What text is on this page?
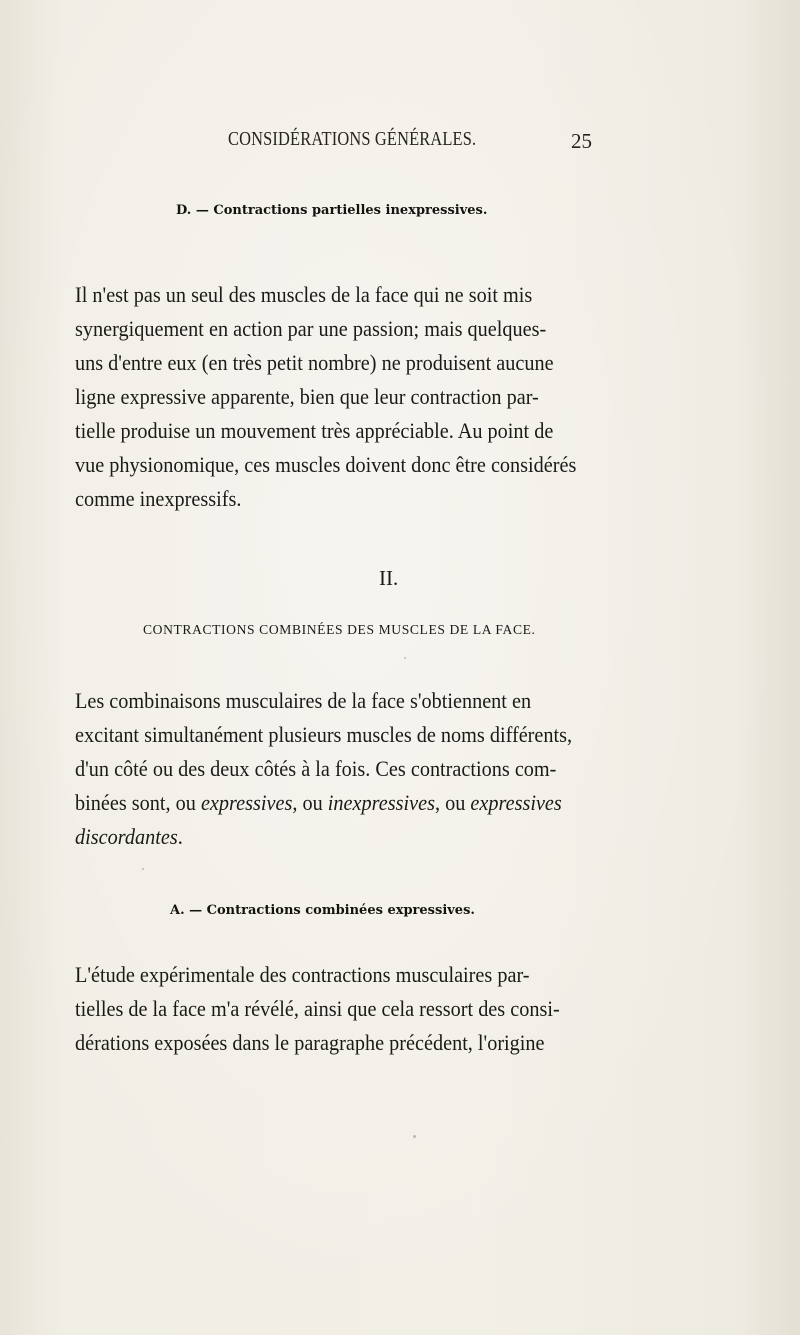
CONSIDÉRATIONS GÉNÉRALES.	25
D. — Contractions partielles inexpressives.

Il n'est pas un seul des muscles de la face qui ne soit mis
synergiquement en action par une passion; mais quelques-
uns d'entre eux (en très petit nombre) ne produisent aucune
ligne expressive apparente, bien que leur contraction par-
tielle produise un mouvement très appréciable. Au point de
vue physionomique, ces muscles doivent donc être considérés
comme inexpressifs.

II.
CONTRACTIONS COMBINÉES DES MUSCLES DE LA FACE.

Les combinaisons musculaires de la face s'obtiennent en
excitant simultanément plusieurs muscles de noms différents,
d'un côté ou des deux côtés à la fois. Ces contractions com-
binées sont, ou expressives, ou inexpressives, ou expressives
discordantes.

A. — Contractions combinées expressives.

L'étude expérimentale des contractions musculaires par-
tielles de la face m'a révélé, ainsi que cela ressort des consi-
dérations exposées dans le paragraphe précédent, l'origine
